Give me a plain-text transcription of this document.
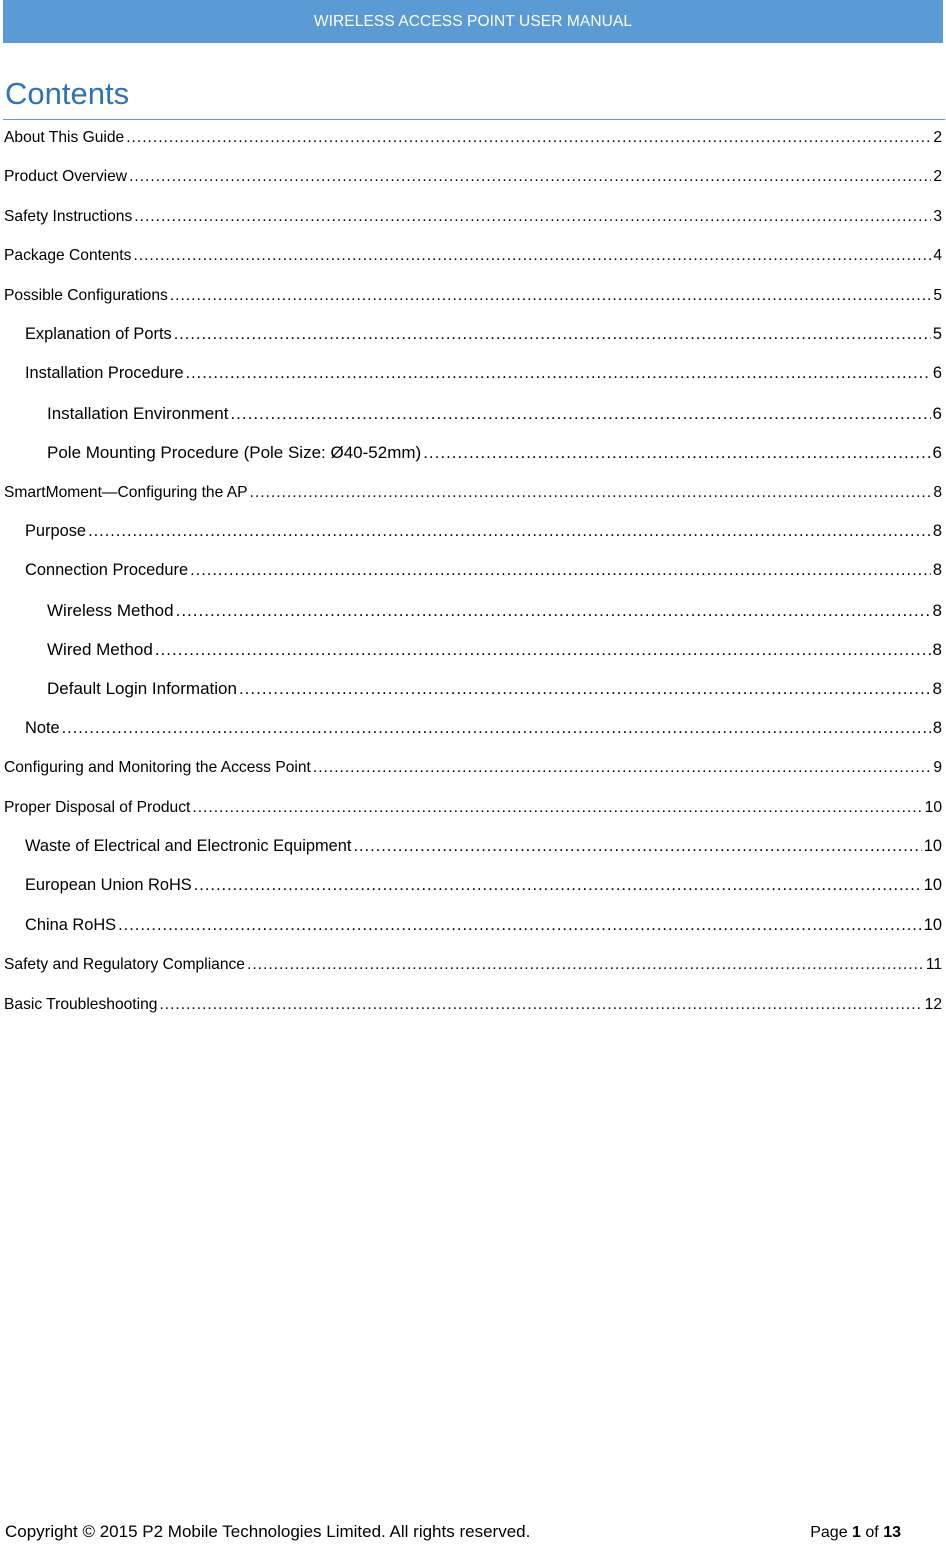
WIRELESS ACCESS POINT USER MANUAL
Contents
About This Guide .....	2
Product Overview .....	2
Safety Instructions .....	3
Package Contents .....	4
Possible Configurations .....	5
Explanation of Ports .....	5
Installation Procedure .....	6
Installation Environment .....	6
Pole Mounting Procedure (Pole Size: Ø40-52mm) .....	6
SmartMoment—Configuring the AP .....	8
Purpose .....	8
Connection Procedure .....	8
Wireless Method .....	8
Wired Method .....	8
Default Login Information .....	8
Note .....	8
Configuring and Monitoring the Access Point .....	9
Proper Disposal of Product .....	10
Waste of Electrical and Electronic Equipment .....	10
European Union RoHS .....	10
China RoHS .....	10
Safety and Regulatory Compliance .....	11
Basic Troubleshooting .....	12
Copyright © 2015 P2 Mobile Technologies Limited. All rights reserved.	Page 1 of 13
